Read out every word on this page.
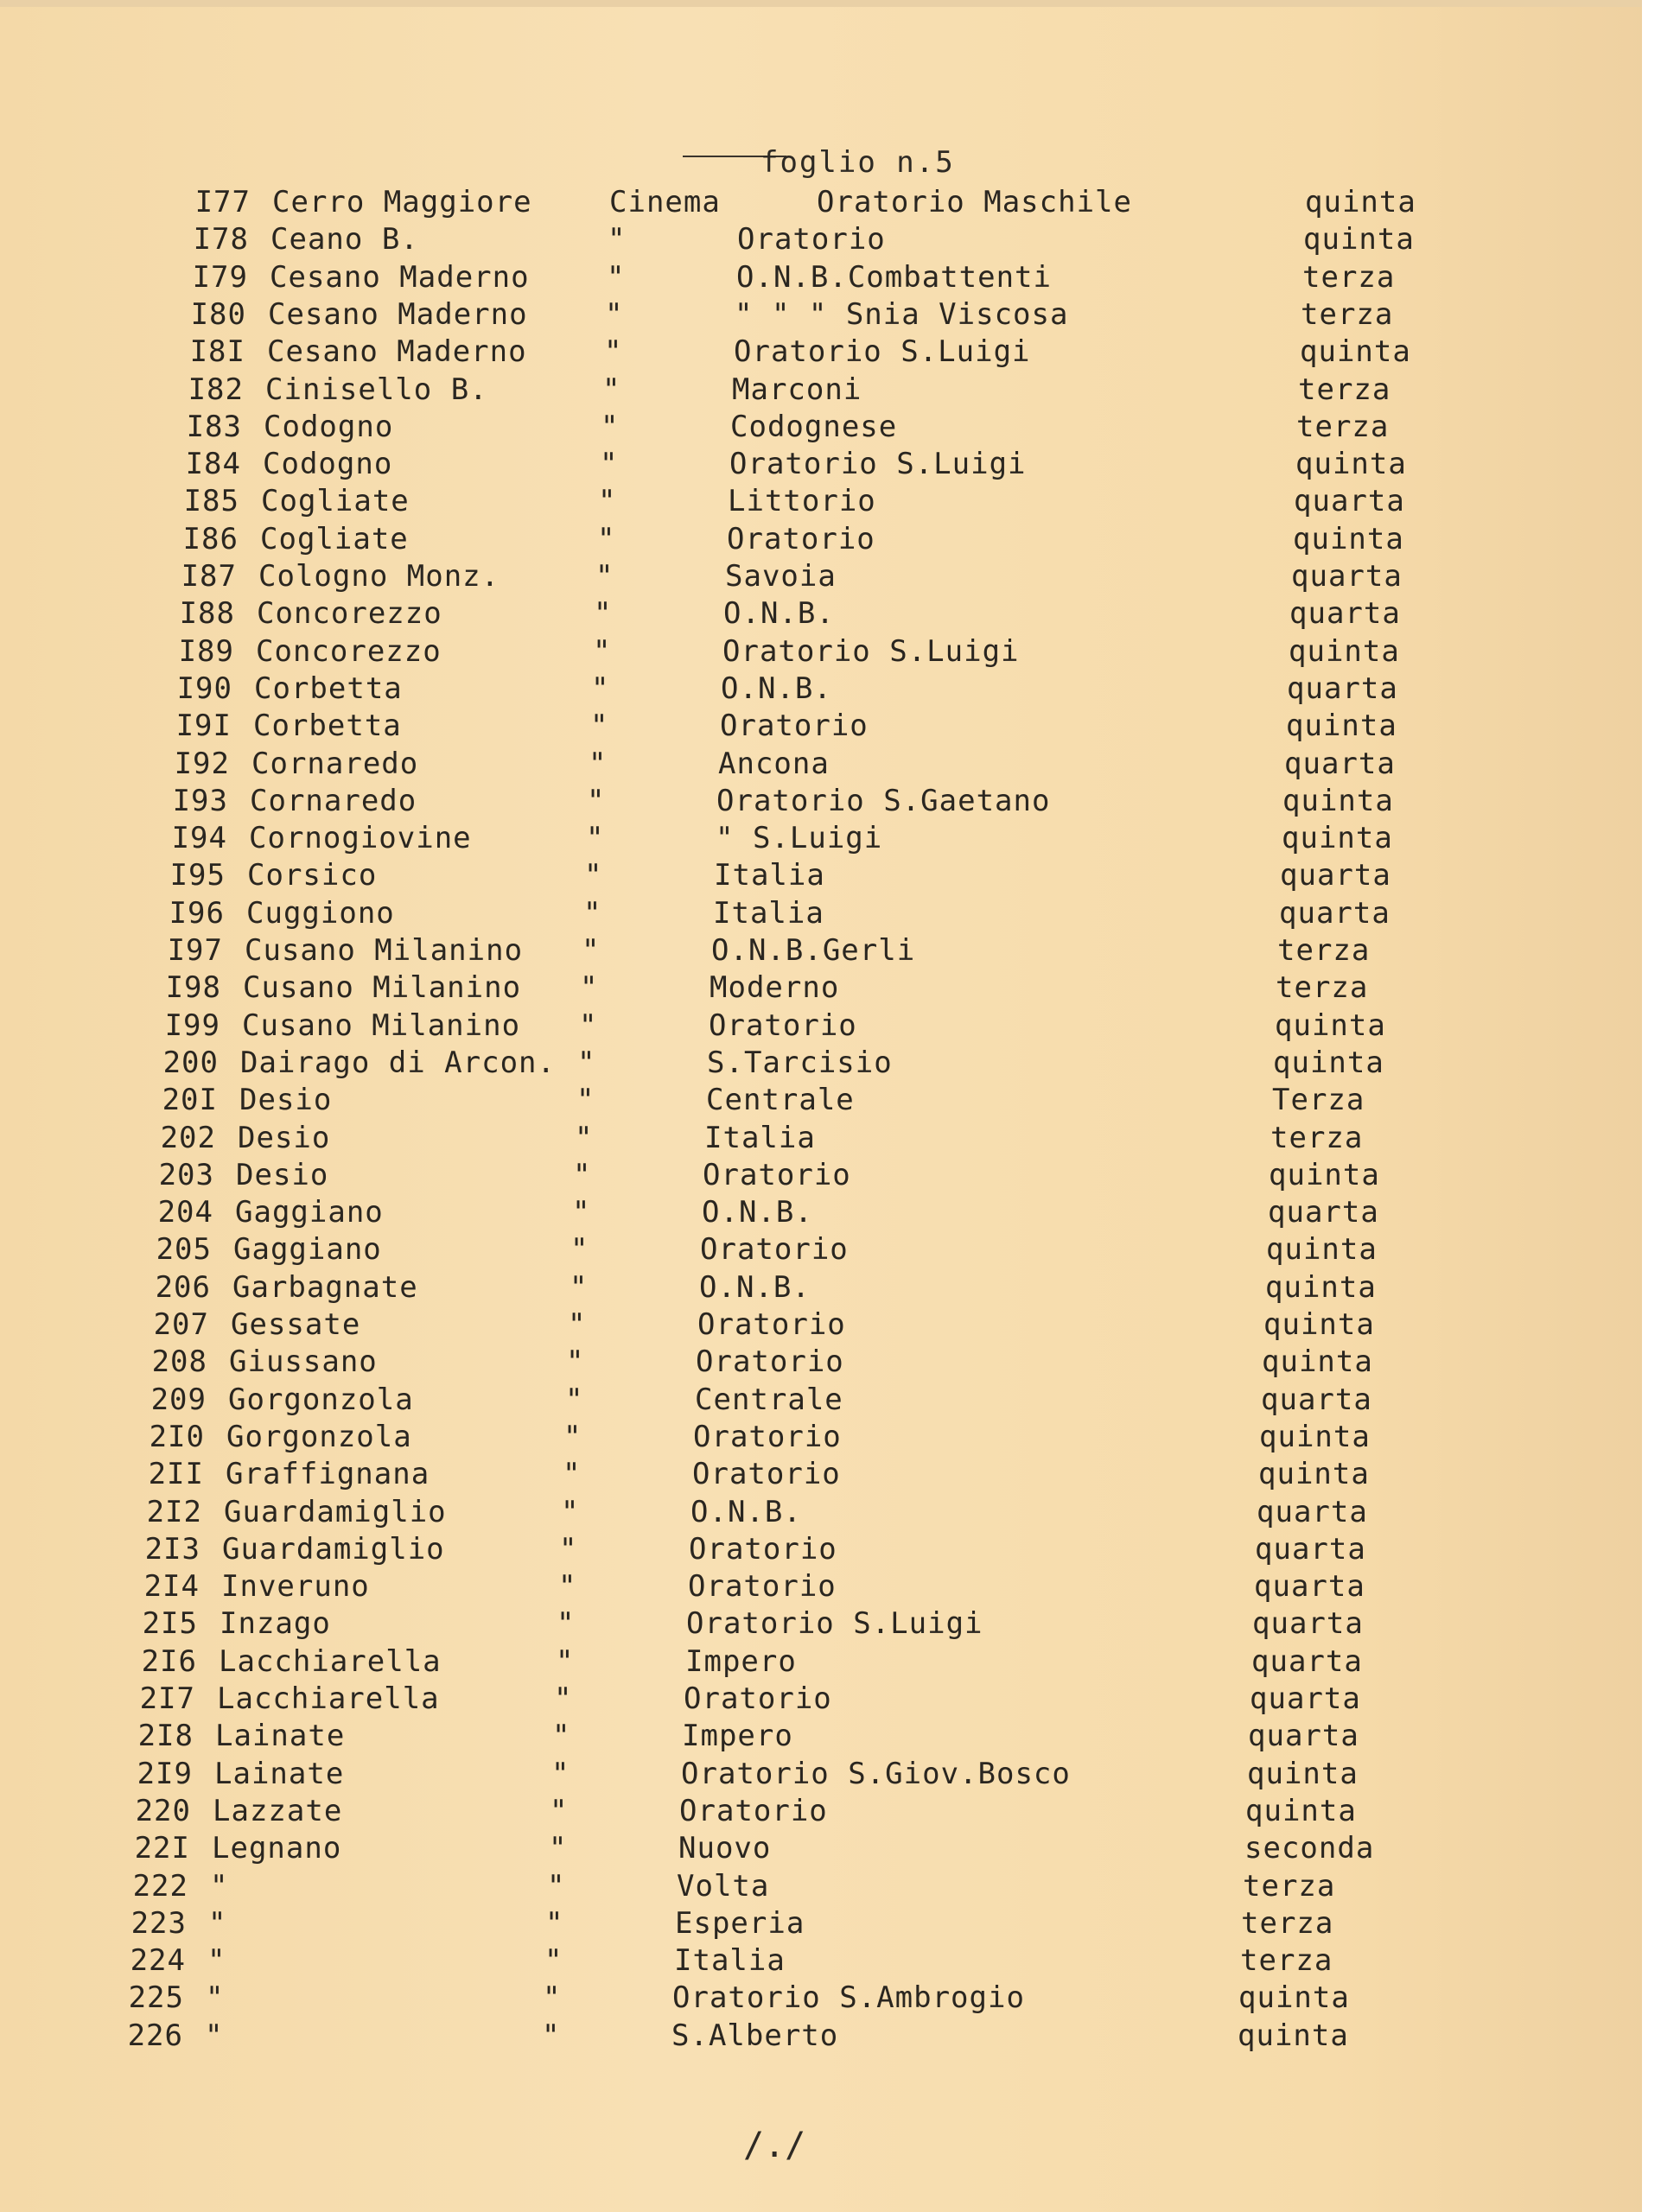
foglio n.5
I77 Cerro Maggiore	Cinema	Oratorio Maschile	quinta
I78 Ceano B.	"	Oratorio	quinta
I79 Cesano Maderno	"	O.N.B.Combattenti	terza
I80 Cesano Maderno	"	" " " Snia Viscosa	terza
I8I Cesano Maderno	"	Oratorio S.Luigi	quinta
I82 Cinisello B.	"	Marconi	terza
I83 Codogno	"	Codognese	terza
I84 Codogno	"	Oratorio S.Luigi	quinta
I85 Cogliate	"	Littorio	quarta
I86 Cogliate	"	Oratorio	quinta
I87 Cologno Monz.	"	Savoia	quarta
I88 Concorezzo	"	O.N.B.	quarta
I89 Concorezzo	"	Oratorio S.Luigi	quinta
I90 Corbetta	"	O.N.B.	quarta
I9I Corbetta	"	Oratorio	quinta
I92 Cornaredo	"	Ancona	quarta
I93 Cornaredo	"	Oratorio S.Gaetano	quinta
I94 Cornogiovine	"	" S.Luigi	quinta
I95 Corsico	"	Italia	quarta
I96 Cuggiono	"	Italia	quarta
I97 Cusano Milanino "	O.N.B.Gerli	terza
I98 Cusano Milanino "	Moderno	terza
I99 Cusano Milanino "	Oratorio	quinta
200 Dairago di Arcon. "	S.Tarcisio	quinta
20I Desio	"	Centrale	Terza
202 Desio	"	Italia	terza
203 Desio	"	Oratorio	quinta
204 Gaggiano	"	O.N.B.	quarta
205 Gaggiano	"	Oratorio	quinta
206 Garbagnate	"	O.N.B.	quinta
207 Gessate	"	Oratorio	quinta
208 Giussano	"	Oratorio	quinta
209 Gorgonzola	"	Centrale	quarta
2I0 Gorgonzola	"	Oratorio	quinta
2II Graffignana	"	Oratorio	quinta
2I2 Guardamiglio	"	O.N.B.	quarta
2I3 Guardamiglio	"	Oratorio	quarta
2I4 Inveruno	"	Oratorio	quarta
2I5 Inzago	"	Oratorio S.Luigi	quarta
2I6 Lacchiarella	"	Impero	quarta
2I7 Lacchiarella	"	Oratorio	quarta
2I8 Lainate	"	Impero	quarta
2I9 Lainate	"	Oratorio S.Giov.Bosco	quinta
220 Lazzate	"	Oratorio	quinta
22I Legnano	"	Nuovo	seconda
222 "	"	Volta	terza
223 "	"	Esperia	terza
224 "	"	Italia	terza
225 "	"	Oratorio S.Ambrogio	quinta
226 "	"	S.Alberto	quinta
/./
